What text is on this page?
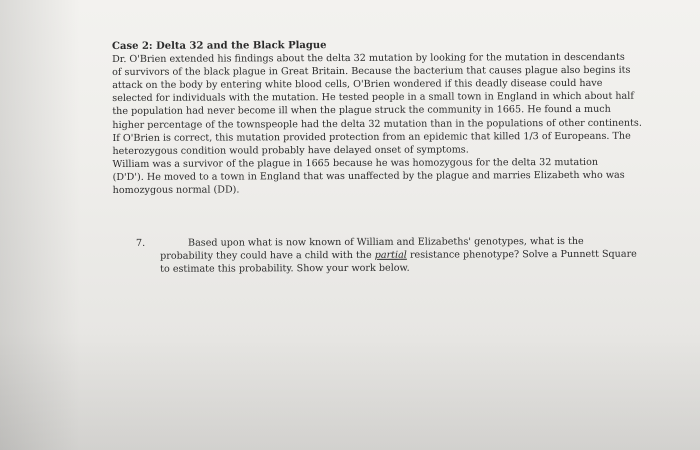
Case 2: Delta 32 and the Black Plague
Dr. O'Brien extended his findings about the delta 32 mutation by looking for the mutation in descendants
of survivors of the black plague in Great Britain. Because the bacterium that causes plague also begins its
attack on the body by entering white blood cells, O'Brien wondered if this deadly disease could have
selected for individuals with the mutation. He tested people in a small town in England in which about half
the population had never become ill when the plague struck the community in 1665. He found a much
higher percentage of the townspeople had the delta 32 mutation than in the populations of other continents.
If O'Brien is correct, this mutation provided protection from an epidemic that killed 1/3 of Europeans. The
heterozygous condition would probably have delayed onset of symptoms.
William was a survivor of the plague in 1665 because he was homozygous for the delta 32 mutation
(D'D'). He moved to a town in England that was unaffected by the plague and marries Elizabeth who was
homozygous normal (DD).
7.	Based upon what is now known of William and Elizabeths' genotypes, what is the
probability they could have a child with the partial resistance phenotype? Solve a Punnett Square
to estimate this probability. Show your work below.
